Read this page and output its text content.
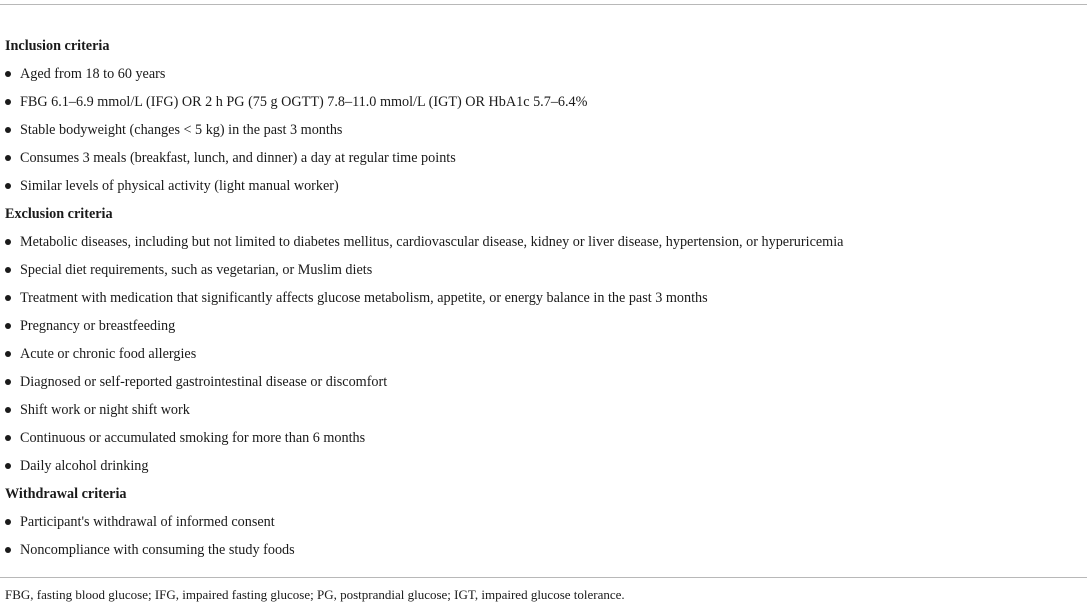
Inclusion criteria
Aged from 18 to 60 years
FBG 6.1–6.9 mmol/L (IFG) OR 2 h PG (75 g OGTT) 7.8–11.0 mmol/L (IGT) OR HbA1c 5.7–6.4%
Stable bodyweight (changes < 5 kg) in the past 3 months
Consumes 3 meals (breakfast, lunch, and dinner) a day at regular time points
Similar levels of physical activity (light manual worker)
Exclusion criteria
Metabolic diseases, including but not limited to diabetes mellitus, cardiovascular disease, kidney or liver disease, hypertension, or hyperuricemia
Special diet requirements, such as vegetarian, or Muslim diets
Treatment with medication that significantly affects glucose metabolism, appetite, or energy balance in the past 3 months
Pregnancy or breastfeeding
Acute or chronic food allergies
Diagnosed or self-reported gastrointestinal disease or discomfort
Shift work or night shift work
Continuous or accumulated smoking for more than 6 months
Daily alcohol drinking
Withdrawal criteria
Participant's withdrawal of informed consent
Noncompliance with consuming the study foods
FBG, fasting blood glucose; IFG, impaired fasting glucose; PG, postprandial glucose; IGT, impaired glucose tolerance.
